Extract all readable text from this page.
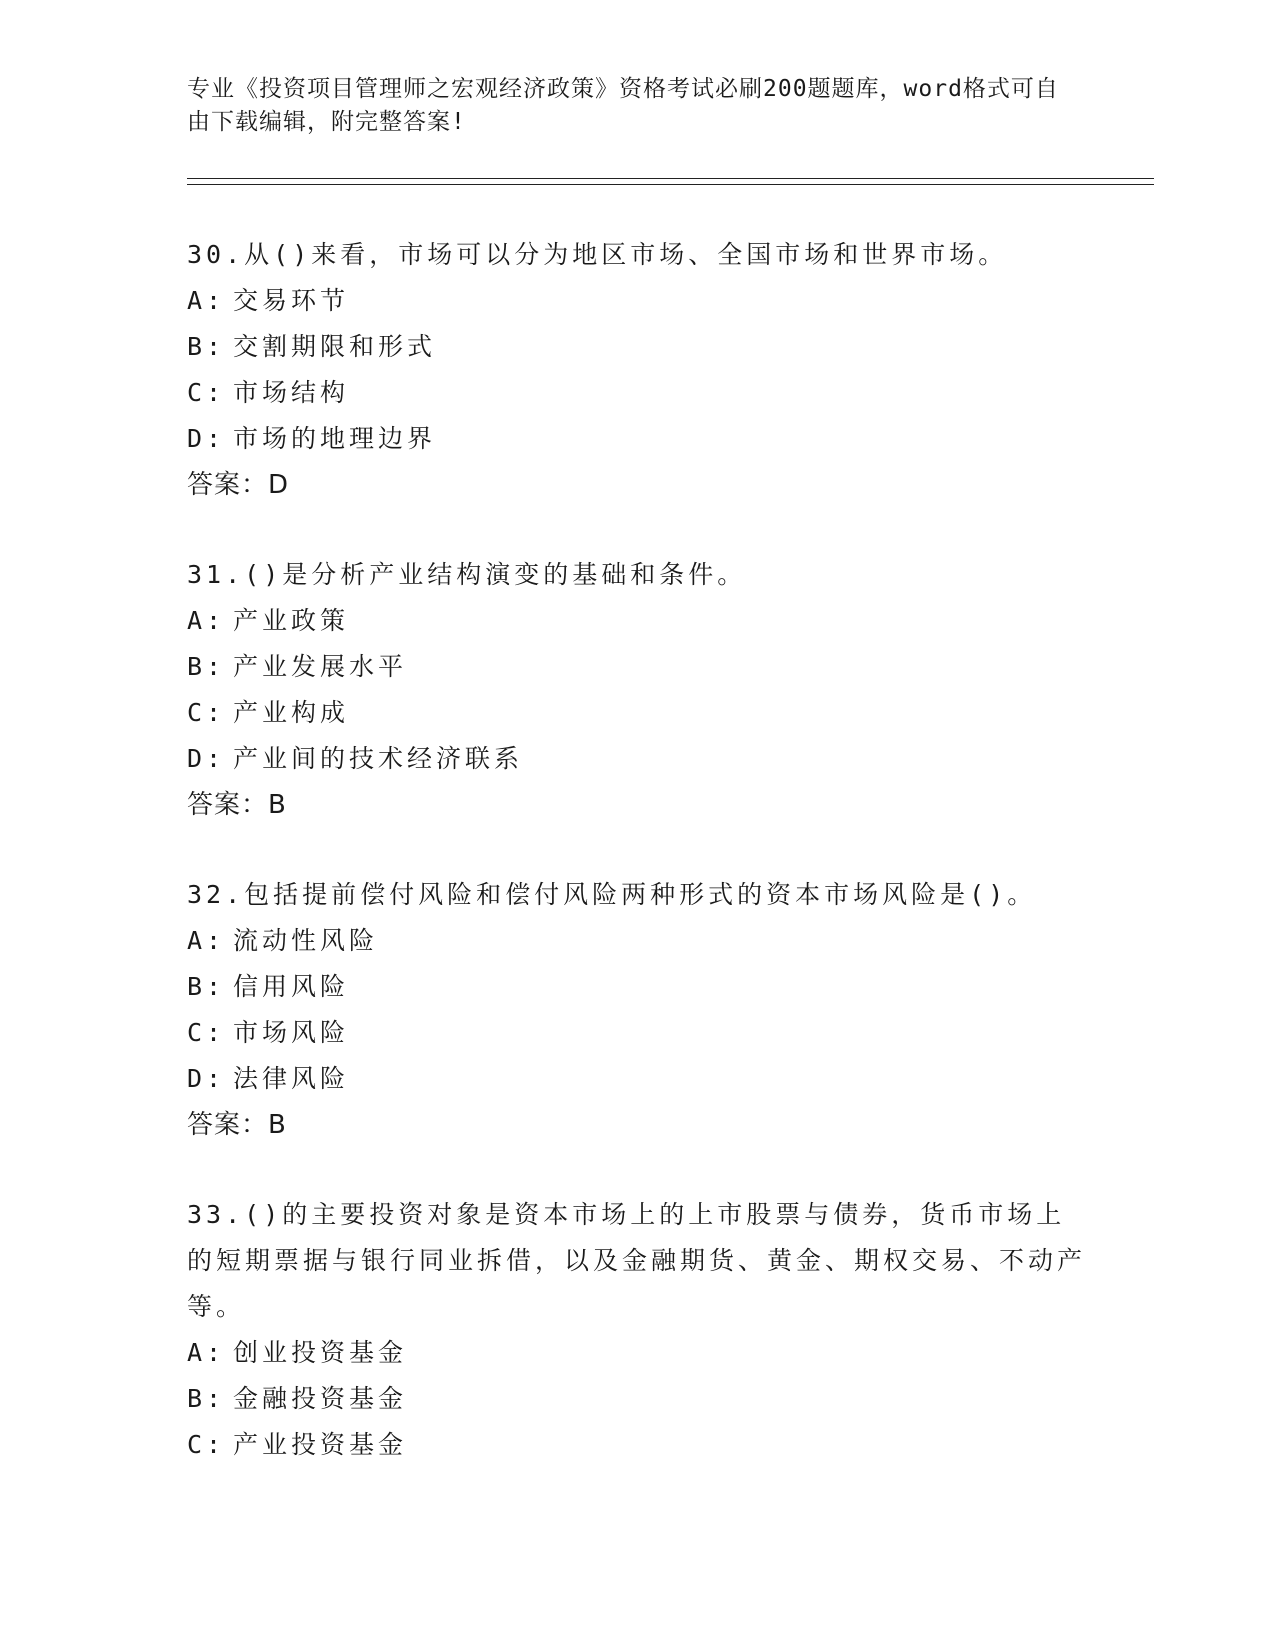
专业《投资项目管理师之宏观经济政策》资格考试必刷200题题库，word格式可自由下载编辑，附完整答案!
30.从()来看，市场可以分为地区市场、全国市场和世界市场。
A: 交易环节
B: 交割期限和形式
C: 市场结构
D: 市场的地理边界
答案：D
31.()是分析产业结构演变的基础和条件。
A: 产业政策
B: 产业发展水平
C: 产业构成
D: 产业间的技术经济联系
答案：B
32.包括提前偿付风险和偿付风险两种形式的资本市场风险是()。
A: 流动性风险
B: 信用风险
C: 市场风险
D: 法律风险
答案：B
33.()的主要投资对象是资本市场上的上市股票与债券，货币市场上的短期票据与银行同业拆借，以及金融期货、黄金、期权交易、不动产等。
A: 创业投资基金
B: 金融投资基金
C: 产业投资基金
